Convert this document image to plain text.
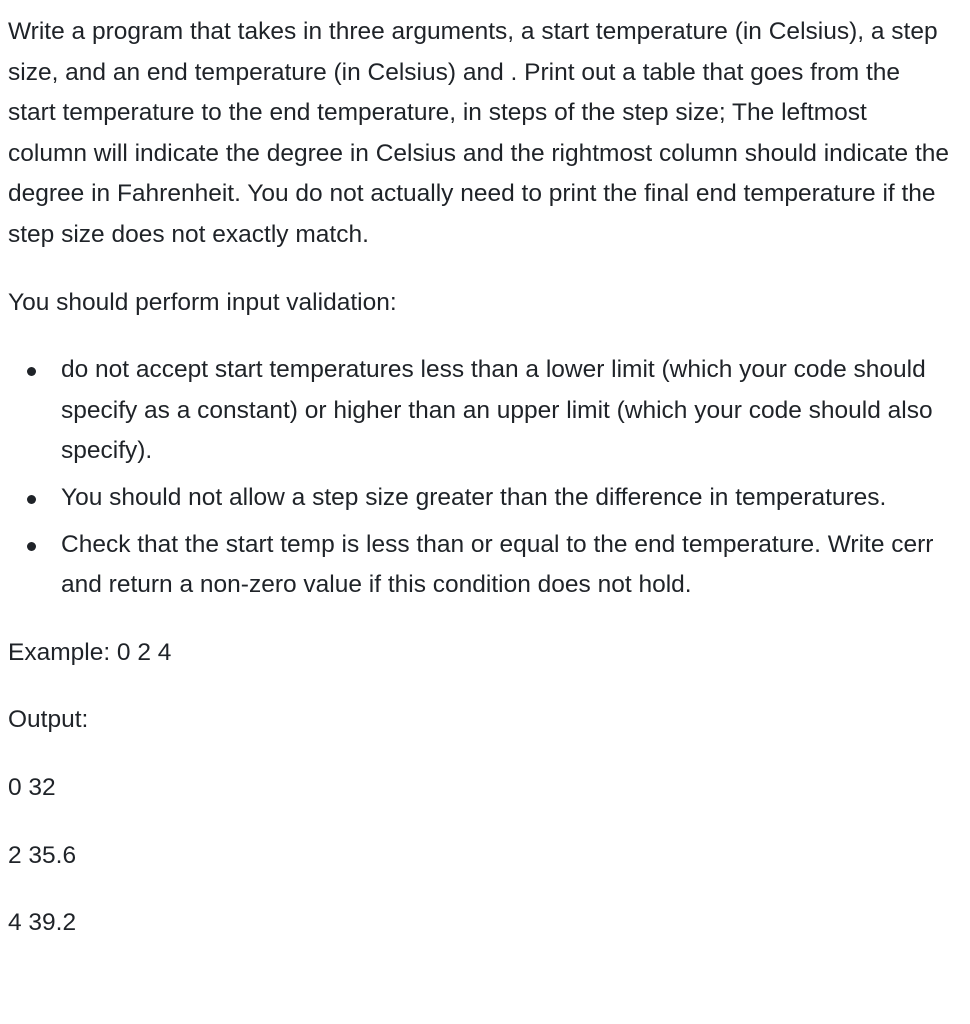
Write a program that takes in three arguments, a start temperature (in Celsius), a step size, and an end temperature (in Celsius) and . Print out a table that goes from the start temperature to the end temperature, in steps of the step size; The leftmost column will indicate the degree in Celsius and the rightmost column should indicate the degree in Fahrenheit. You do not actually need to print the final end temperature if the step size does not exactly match.

You should perform input validation:

do not accept start temperatures less than a lower limit (which your code should specify as a constant) or higher than an upper limit (which your code should also specify).
You should not allow a step size greater than the difference in temperatures.
Check that the start temp is less than or equal to the end temperature. Write cerr and return a non-zero value if this condition does not hold.

Example: 0 2 4

Output:

0 32

2 35.6

4 39.2
